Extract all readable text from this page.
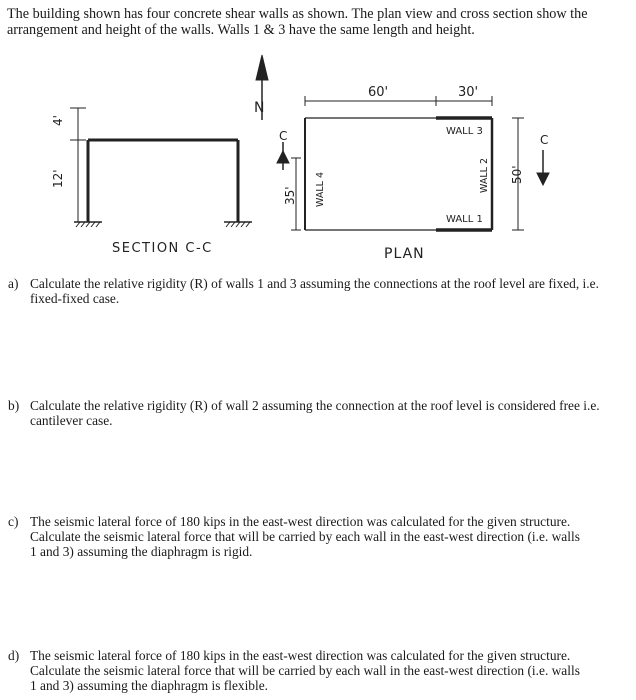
The building shown has four concrete shear walls as shown. The plan view and cross section show the arrangement and height of the walls. Walls 1 & 3 have the same length and height.
4'
12'
SECTION C-C
N
C
60'	30'
35'
50'
WALL 3
WALL 1
WALL 2
WALL 4
C
PLAN
a) Calculate the relative rigidity (R) of walls 1 and 3 assuming the connections at the roof level are fixed, i.e. fixed-fixed case.
b) Calculate the relative rigidity (R) of wall 2 assuming the connection at the roof level is considered free i.e. cantilever case.
c) The seismic lateral force of 180 kips in the east-west direction was calculated for the given structure. Calculate the seismic lateral force that will be carried by each wall in the east-west direction (i.e. walls 1 and 3) assuming the diaphragm is rigid.
d) The seismic lateral force of 180 kips in the east-west direction was calculated for the given structure. Calculate the seismic lateral force that will be carried by each wall in the east-west direction (i.e. walls 1 and 3) assuming the diaphragm is flexible.
